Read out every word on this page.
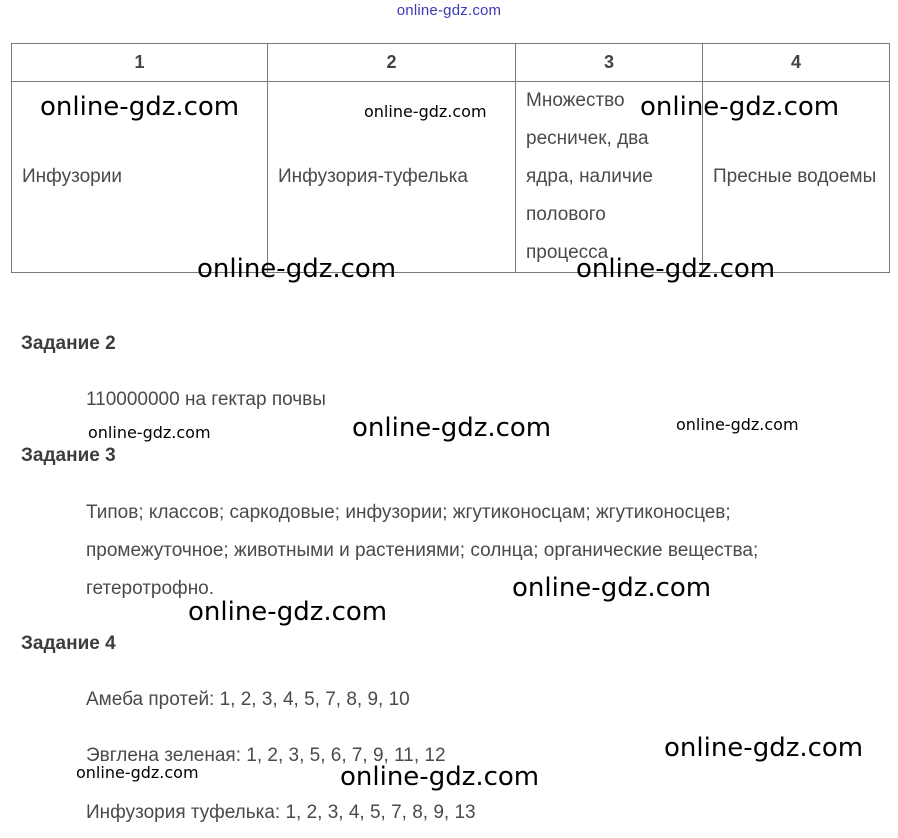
online-gdz.com
1	2	3	4
Инфузории	Инфузория-туфелька	Множество ресничек, два ядра, наличие полового процесса	Пресные водоемы
Задание 2
110000000 на гектар почвы
Задание 3
Типов; классов; саркодовые; инфузории; жгутиконосцам; жгутиконосцев; промежуточное; животными и растениями; солнца; органические вещества; гетеротрофно.
Задание 4
Амеба протей: 1, 2, 3, 4, 5, 7, 8, 9, 10
Эвглена зеленая: 1, 2, 3, 5, 6, 7, 9, 11, 12
Инфузория туфелька: 1, 2, 3, 4, 5, 7, 8, 9, 13
online-gdz.com	online-gdz.com	online-gdz.com
online-gdz.com	online-gdz.com
online-gdz.com	online-gdz.com	online-gdz.com
online-gdz.com
online-gdz.com
online-gdz.com
online-gdz.com	online-gdz.com
